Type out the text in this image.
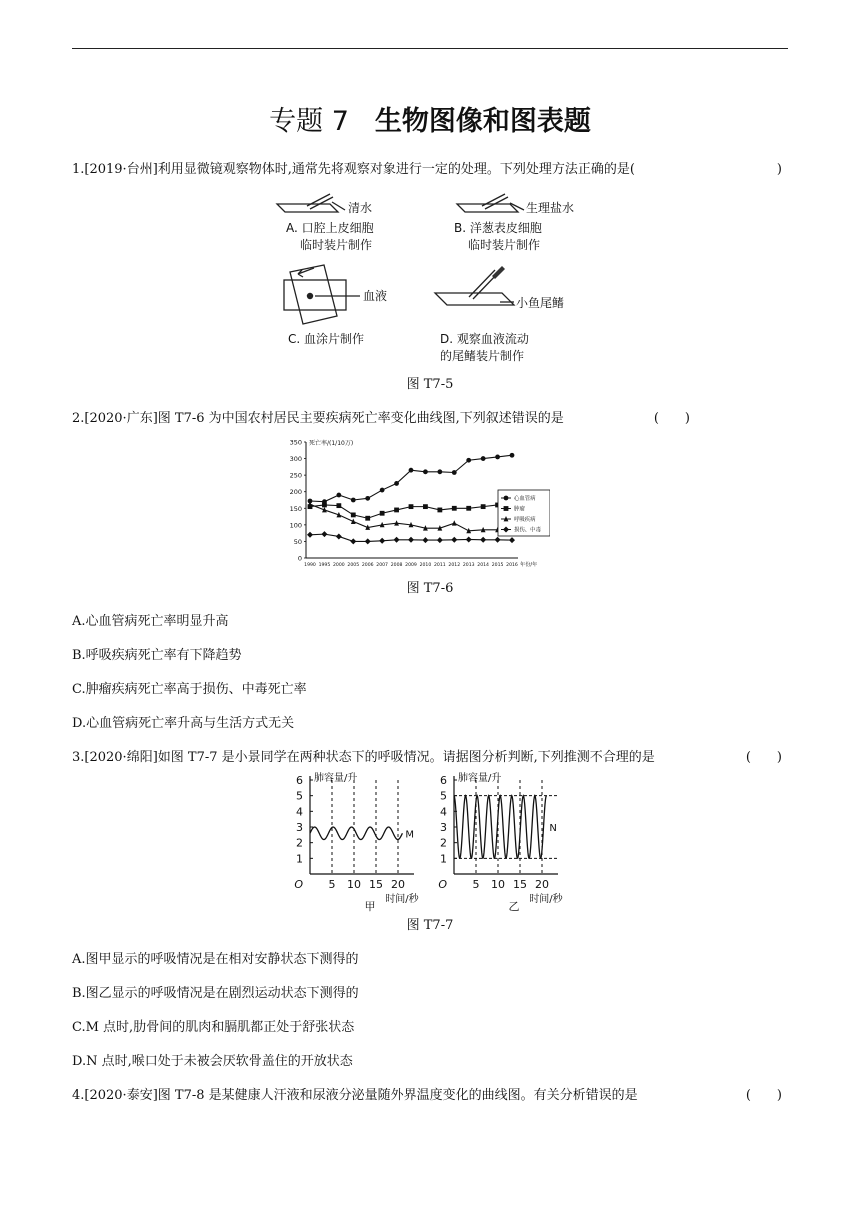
专题 7 生物图像和图表题
1.[2019·台州]利用显微镜观察物体时,通常先将观察对象进行一定的处理。下列处理方法正确的是(	)
清水
A. 口腔上皮细胞
临时装片制作
生理盐水
B. 洋葱表皮细胞
临时装片制作
血液
C. 血涂片制作
小鱼尾鳍
D. 观察血液流动
的尾鳍装片制作
图 T7-5
2.[2020·广东]图 T7-6 为中国农村居民主要疾病死亡率变化曲线图,下列叙述错误的是	(　　)
0
50
100
150
200
250
300
350 死亡率/(1/10万)
1990 1995 2000 2005 2006 2007 2008 2009 2010 2011 2012 2013 2014 2015 2016 年份/年
心血管病
肿瘤
呼吸疾病
损伤、中毒
图 T7-6
A.心血管病死亡率明显升高
B.呼吸疾病死亡率有下降趋势
C.肿瘤疾病死亡率高于损伤、中毒死亡率
D.心血管病死亡率升高与生活方式无关
3.[2020·绵阳]如图 T7-7 是小景同学在两种状态下的呼吸情况。请据图分析判断,下列推测不合理的是	(　　)
1
2
3
4
5
6
5 10 15 20
O
肺容量/升
时间/秒
甲
M
1
2
3
4
5
6
5 10 15 20
O
肺容量/升
时间/秒
乙
N
图 T7-7
A.图甲显示的呼吸情况是在相对安静状态下测得的
B.图乙显示的呼吸情况是在剧烈运动状态下测得的
C.M 点时,肋骨间的肌肉和膈肌都正处于舒张状态
D.N 点时,喉口处于未被会厌软骨盖住的开放状态
4.[2020·泰安]图 T7-8 是某健康人汗液和尿液分泌量随外界温度变化的曲线图。有关分析错误的是	(　　)
